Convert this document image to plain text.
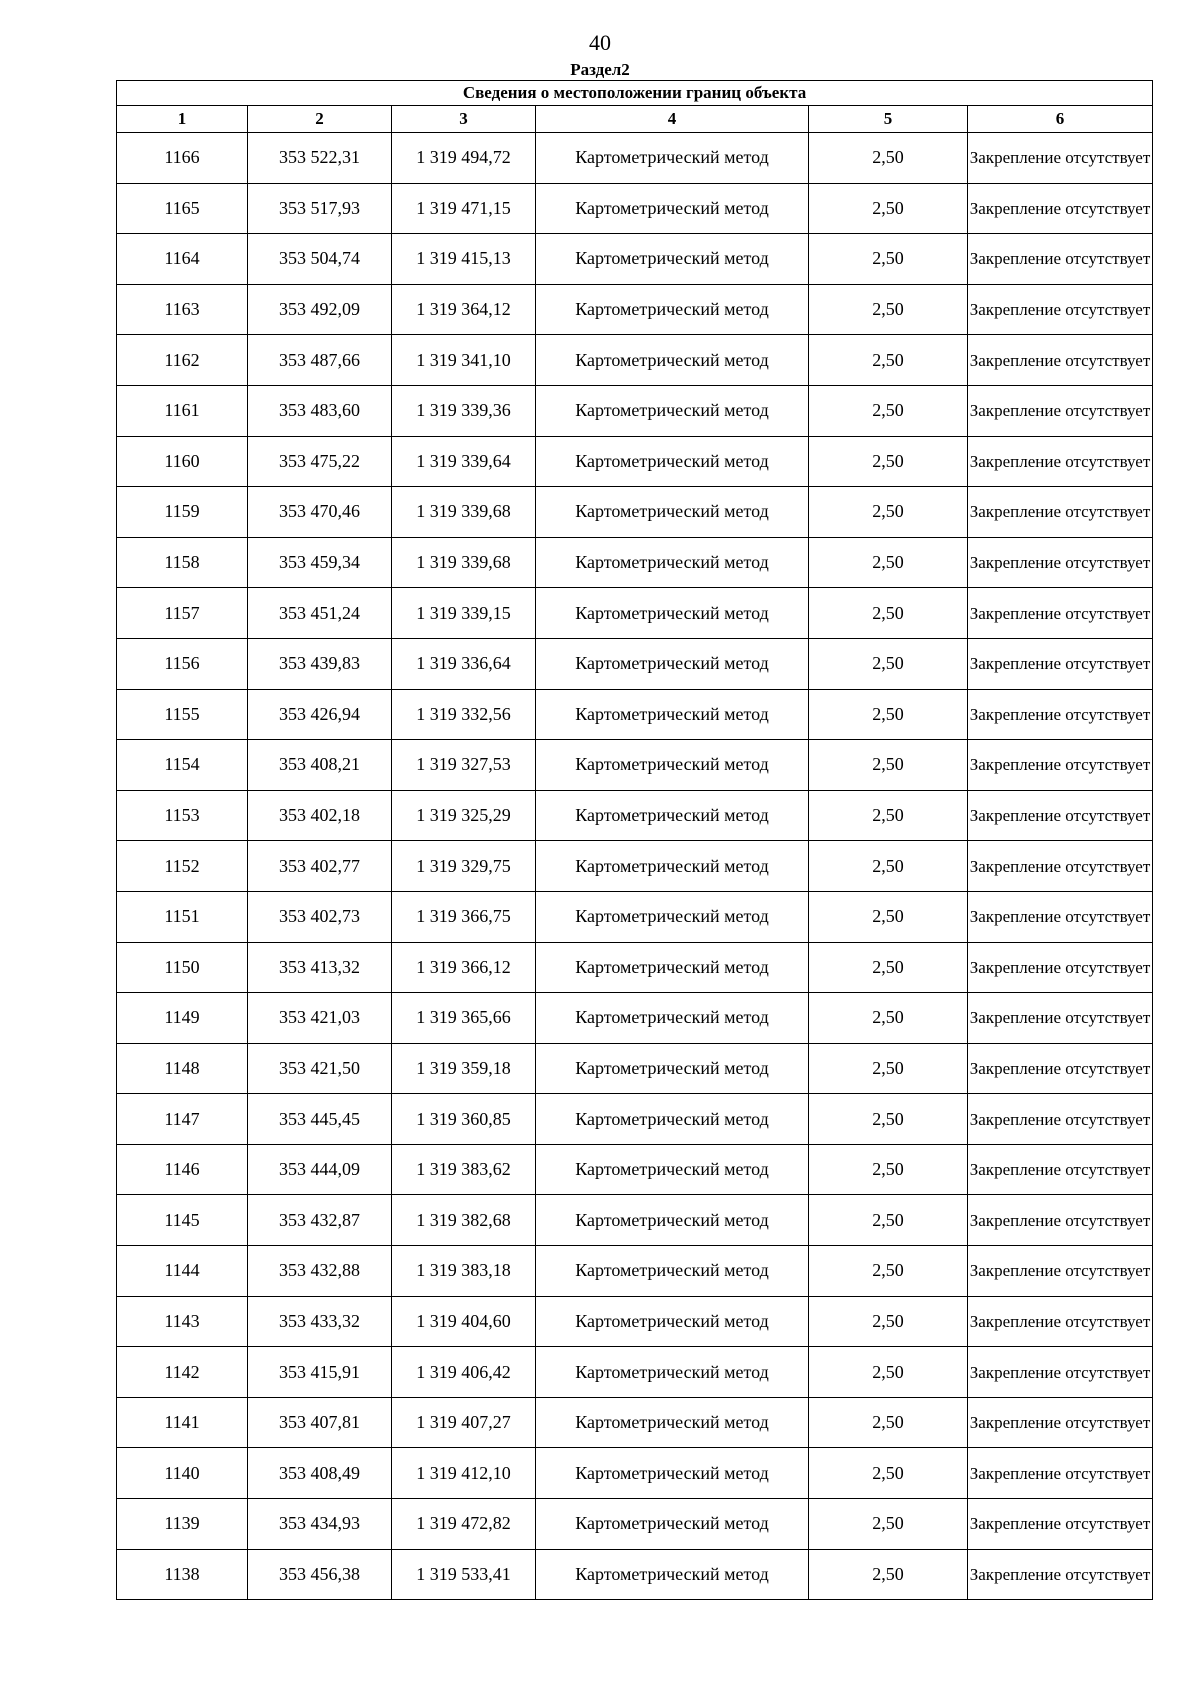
40
Раздел2
Сведения о местоположении границ объекта					
1	2	3	4	5	6
1166	353 522,31	1 319 494,72	Картометрический метод	2,50	Закрепление отсутствует
1165	353 517,93	1 319 471,15	Картометрический метод	2,50	Закрепление отсутствует
1164	353 504,74	1 319 415,13	Картометрический метод	2,50	Закрепление отсутствует
1163	353 492,09	1 319 364,12	Картометрический метод	2,50	Закрепление отсутствует
1162	353 487,66	1 319 341,10	Картометрический метод	2,50	Закрепление отсутствует
1161	353 483,60	1 319 339,36	Картометрический метод	2,50	Закрепление отсутствует
1160	353 475,22	1 319 339,64	Картометрический метод	2,50	Закрепление отсутствует
1159	353 470,46	1 319 339,68	Картометрический метод	2,50	Закрепление отсутствует
1158	353 459,34	1 319 339,68	Картометрический метод	2,50	Закрепление отсутствует
1157	353 451,24	1 319 339,15	Картометрический метод	2,50	Закрепление отсутствует
1156	353 439,83	1 319 336,64	Картометрический метод	2,50	Закрепление отсутствует
1155	353 426,94	1 319 332,56	Картометрический метод	2,50	Закрепление отсутствует
1154	353 408,21	1 319 327,53	Картометрический метод	2,50	Закрепление отсутствует
1153	353 402,18	1 319 325,29	Картометрический метод	2,50	Закрепление отсутствует
1152	353 402,77	1 319 329,75	Картометрический метод	2,50	Закрепление отсутствует
1151	353 402,73	1 319 366,75	Картометрический метод	2,50	Закрепление отсутствует
1150	353 413,32	1 319 366,12	Картометрический метод	2,50	Закрепление отсутствует
1149	353 421,03	1 319 365,66	Картометрический метод	2,50	Закрепление отсутствует
1148	353 421,50	1 319 359,18	Картометрический метод	2,50	Закрепление отсутствует
1147	353 445,45	1 319 360,85	Картометрический метод	2,50	Закрепление отсутствует
1146	353 444,09	1 319 383,62	Картометрический метод	2,50	Закрепление отсутствует
1145	353 432,87	1 319 382,68	Картометрический метод	2,50	Закрепление отсутствует
1144	353 432,88	1 319 383,18	Картометрический метод	2,50	Закрепление отсутствует
1143	353 433,32	1 319 404,60	Картометрический метод	2,50	Закрепление отсутствует
1142	353 415,91	1 319 406,42	Картометрический метод	2,50	Закрепление отсутствует
1141	353 407,81	1 319 407,27	Картометрический метод	2,50	Закрепление отсутствует
1140	353 408,49	1 319 412,10	Картометрический метод	2,50	Закрепление отсутствует
1139	353 434,93	1 319 472,82	Картометрический метод	2,50	Закрепление отсутствует
1138	353 456,38	1 319 533,41	Картометрический метод	2,50	Закрепление отсутствует
